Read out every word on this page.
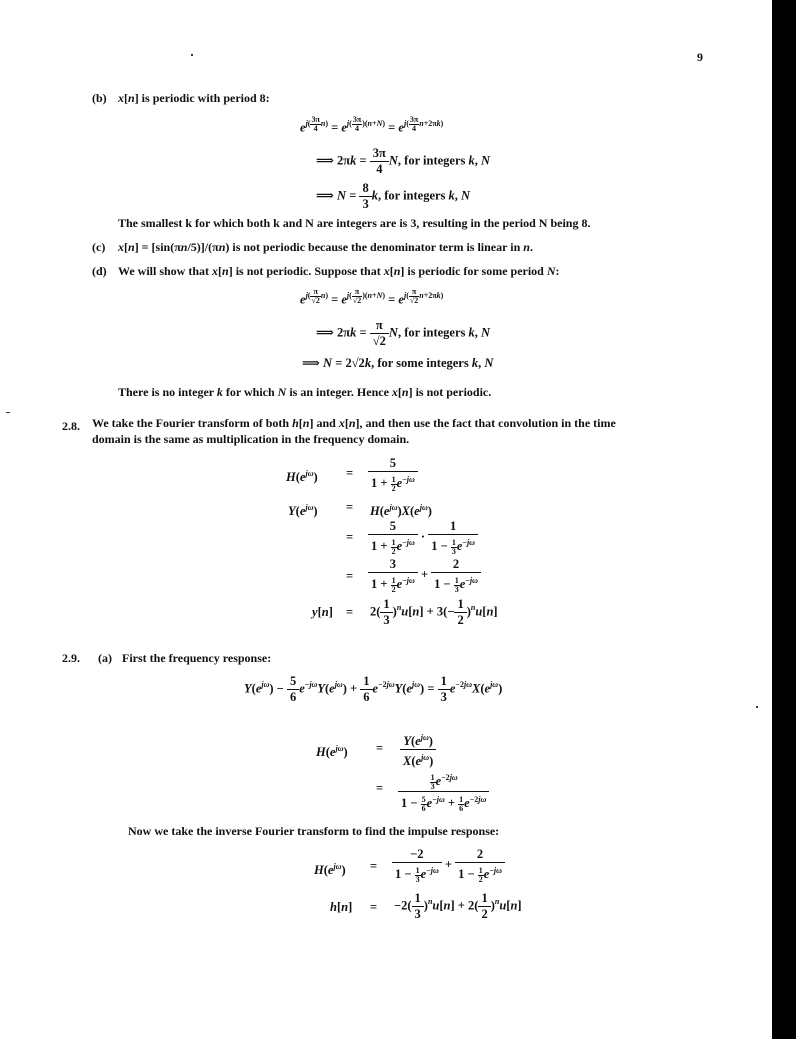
9
(b) x[n] is periodic with period 8:
$e^{j( \frac{3\pi}{4} n)} = e^{j( \frac{3\pi}{4} )(n+N)} = e^{j( \frac{3\pi}{4} n+2\pi k)}$
⟹ $2\pi k = \frac{3\pi}{4} N$, for integers k, N
⟹ $N = \frac{8}{3} k$, for integers k, N
The smallest k for which both k and N are integers are is 3, resulting in the period N being 8.
(c) x[n] = [sin(πn/5)]/(πn) is not periodic because the denominator term is linear in n.
(d) We will show that x[n] is not periodic. Suppose that x[n] is periodic for some period N:
$e^{j( \frac{\pi}{√2} n)} = e^{j( \frac{\pi}{√2} )(n+N)} = e^{j( \frac{\pi}{√2} n+2\pi k)}$
⟹ $2\pi k = \frac{\pi}{√2} N$, for integers k, N
⟹ N = 2√2k, for some integers k, N
There is no integer k for which N is an integer. Hence x[n] is not periodic.
2.8. We take the Fourier transform of both h[n] and x[n], and then use the fact that convolution in the time
domain is the same as multiplication in the frequency domain.
$H(e^{j\omega}) = \frac{5}{1 + \frac{1}{2} e^{-j\omega}}$
$Y(e^{j\omega}) = H(e^{j\omega})X(e^{j\omega})$
= $\frac{5}{1 + \frac{1}{2} e^{-j\omega}} \cdot \frac{1}{1 - \frac{1}{3} e^{-j\omega}}$
= $\frac{3}{1 + \frac{1}{2} e^{-j\omega}} + \frac{2}{1 - \frac{1}{3} e^{-j\omega}}$
$y[n] = 2( \frac{1}{3} )^nu[n] + 3(- \frac{1}{2} )^nu[n]$
2.9. (a) First the frequency response:
$Y(e^{j\omega}) - \frac{5}{6} e^{-j\omega}Y(e^{j\omega}) + \frac{1}{6} e^{-2j\omega}Y(e^{j\omega}) = \frac{1}{3} e^{-2j\omega}X(e^{j\omega})$
$H(e^{j\omega}) = \frac{Y(e^{j\omega})}{X(e^{j\omega})}$
= $\frac{\frac{1}{3} e^{-2j\omega}}{1 - \frac{5}{6} e^{-j\omega} + \frac{1}{6} e^{-2j\omega}}$
Now we take the inverse Fourier transform to find the impulse response:
$H(e^{j\omega}) = \frac{-2}{1 - \frac{1}{3} e^{-j\omega}} + \frac{2}{1 - \frac{1}{2} e^{-j\omega}}$
$h[n] = -2( \frac{1}{3} )^nu[n] + 2( \frac{1}{2} )^nu[n]$
